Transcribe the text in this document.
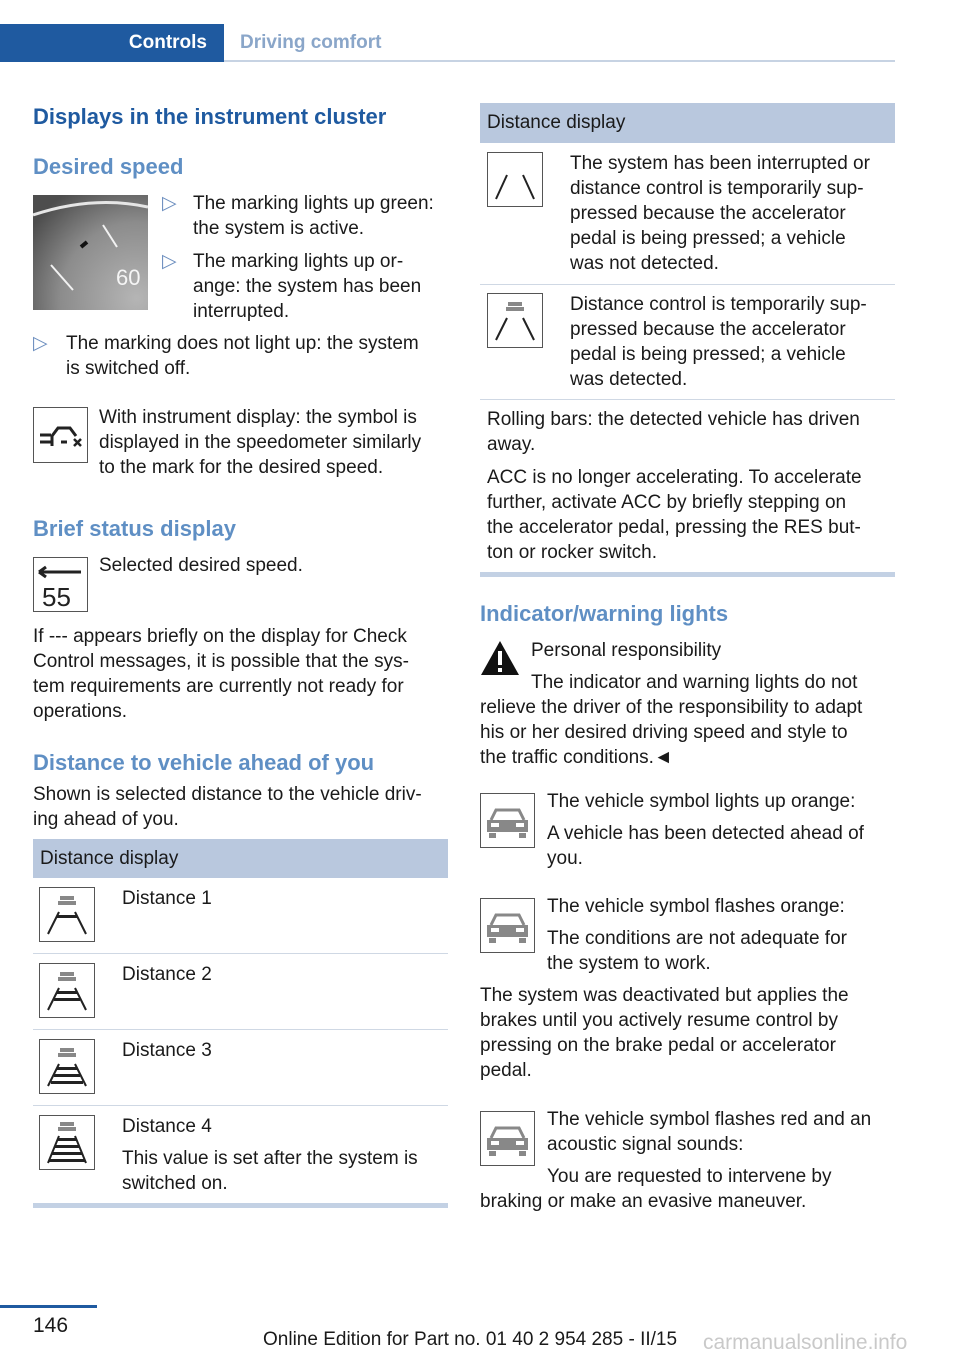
Controls Driving comfort
Displays in the instrument cluster
Desired speed
60
▷ The marking lights up green:
the system is active.
▷ The marking lights up or-
ange: the system has been
interrupted.
▷ The marking does not light up: the system
is switched off.
With instrument display: the symbol is
displayed in the speedometer similarly
to the mark for the desired speed.
Brief status display
55
Selected desired speed.
If --- appears briefly on the display for Check
Control messages, it is possible that the sys-
tem requirements are currently not ready for
operations.
Distance to vehicle ahead of you
Shown is selected distance to the vehicle driv-
ing ahead of you.
Distance display
Distance 1
Distance 2
Distance 3
Distance 4
This value is set after the system is
switched on.
Distance display
The system has been interrupted or
distance control is temporarily sup-
pressed because the accelerator
pedal is being pressed; a vehicle
was not detected.
Distance control is temporarily sup-
pressed because the accelerator
pedal is being pressed; a vehicle
was detected.
Rolling bars: the detected vehicle has driven
away.
ACC is no longer accelerating. To accelerate
further, activate ACC by briefly stepping on
the accelerator pedal, pressing the RES but-
ton or rocker switch.
Indicator/warning lights
Personal responsibility
The indicator and warning lights do not
relieve the driver of the responsibility to adapt
his or her desired driving speed and style to
the traffic conditions.◄
The vehicle symbol lights up orange:
A vehicle has been detected ahead of
you.
The vehicle symbol flashes orange:
The conditions are not adequate for
the system to work.
The system was deactivated but applies the
brakes until you actively resume control by
pressing on the brake pedal or accelerator
pedal.
The vehicle symbol flashes red and an
acoustic signal sounds:
You are requested to intervene by
braking or make an evasive maneuver.
146
Online Edition for Part no. 01 40 2 954 285 - II/15 carmanualsonline.info
